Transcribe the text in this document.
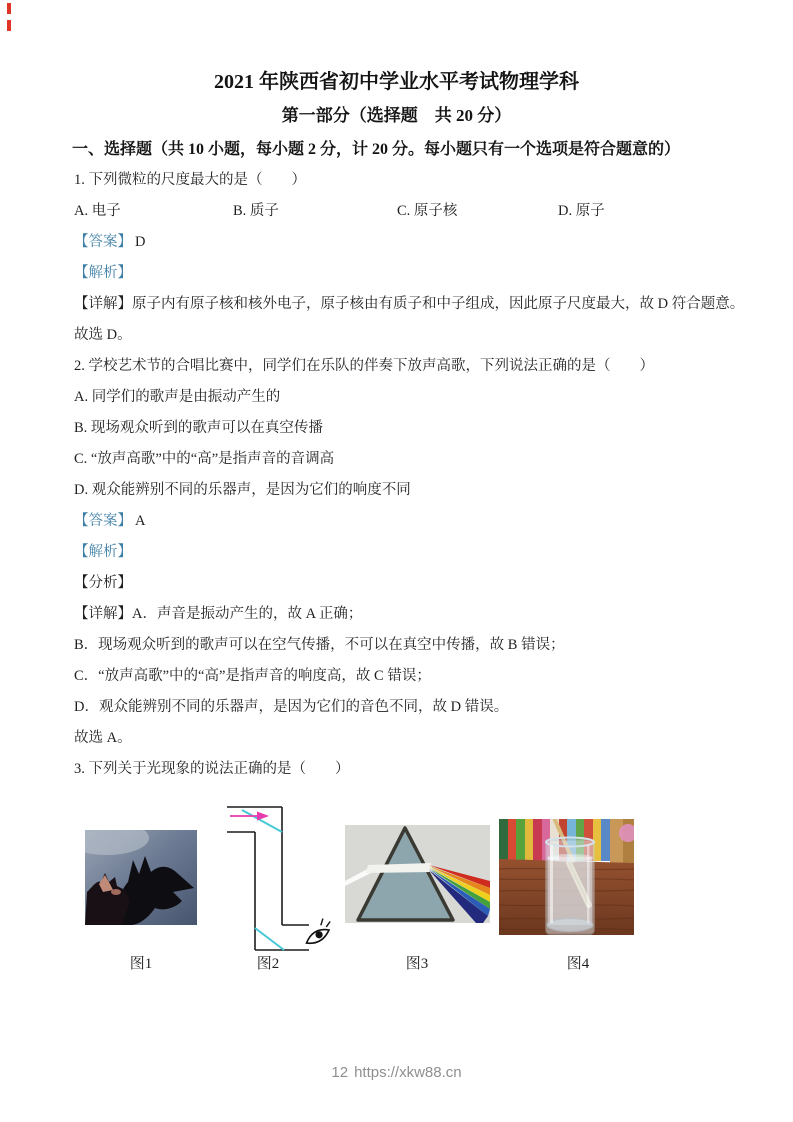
2021 年陕西省初中学业水平考试物理学科
第一部分（选择题　共 20 分）
一、选择题（共 10 小题，每小题 2 分，计 20 分。每小题只有一个选项是符合题意的）

1. 下列微粒的尺度最大的是（　　）

A. 电子	B. 质子	C. 原子核	D. 原子

【答案】 D

【解析】

【详解】原子内有原子核和核外电子，原子核由有质子和中子组成，因此原子尺度最大，故 D 符合题意。

故选 D。

2. 学校艺术节的合唱比赛中，同学们在乐队的伴奏下放声高歌，下列说法正确的是（　　）

A. 同学们的歌声是由振动产生的

B. 现场观众听到的歌声可以在真空传播

C. “放声高歌”中的“高”是指声音的音调高

D. 观众能辨别不同的乐器声，是因为它们的响度不同

【答案】 A

【解析】

【分析】

【详解】A．声音是振动产生的，故 A 正确；

B．现场观众听到的歌声可以在空气传播，不可以在真空中传播，故 B 错误；

C．“放声高歌”中的“高”是指声音的响度高，故 C 错误；

D．观众能辨别不同的乐器声，是因为它们的音色不同，故 D 错误。

故选 A。

3. 下列关于光现象的说法正确的是（　　）

图1	图2	图3	图4
12 https://xkw88.cn
